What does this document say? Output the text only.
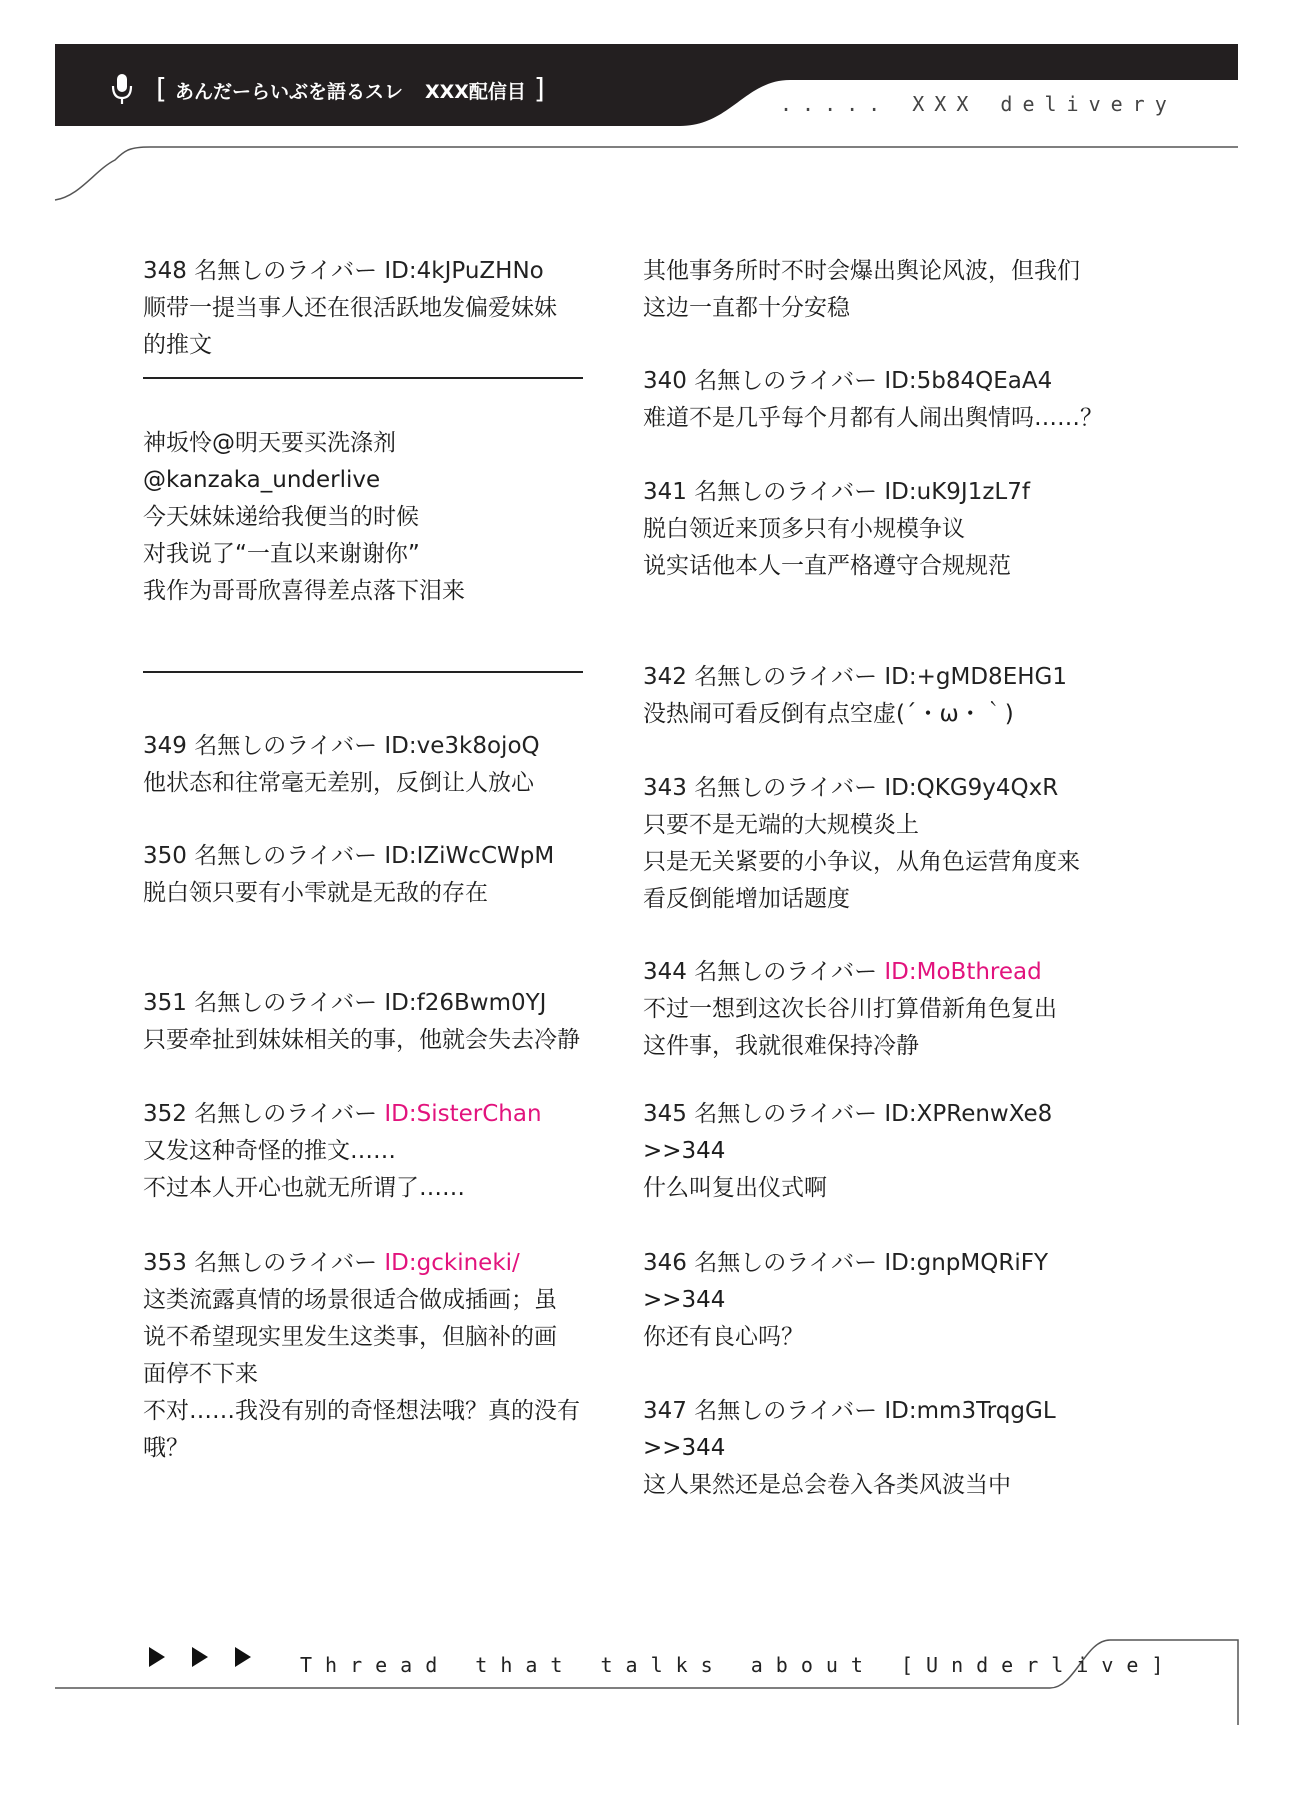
[ あんだーらいぶを語るスレ XXX配信目 ]	..... XXX delivery
348 名無しのライバー ID:4kJPuZHNo
顺带一提当事人还在很活跃地发偏爱妹妹
的推文
神坂怜@明天要买洗涤剂
@kanzaka_underlive
今天妹妹递给我便当的时候
对我说了“一直以来谢谢你”
我作为哥哥欣喜得差点落下泪来
349 名無しのライバー ID:ve3k8ojoQ
他状态和往常毫无差别，反倒让人放心
350 名無しのライバー ID:IZiWcCWpM
脱白领只要有小雫就是无敌的存在
351 名無しのライバー ID:f26Bwm0YJ
只要牵扯到妹妹相关的事，他就会失去冷静
352 名無しのライバー ID:SisterChan
又发这种奇怪的推文……
不过本人开心也就无所谓了……
353 名無しのライバー ID:gckineki/
这类流露真情的场景很适合做成插画；虽
说不希望现实里发生这类事，但脑补的画
面停不下来
不对……我没有别的奇怪想法哦？真的没有
哦？
其他事务所时不时会爆出舆论风波，但我们
这边一直都十分安稳
340 名無しのライバー ID:5b84QEaA4
难道不是几乎每个月都有人闹出舆情吗……？
341 名無しのライバー ID:uK9J1zL7f
脱白领近来顶多只有小规模争议
说实话他本人一直严格遵守合规规范
342 名無しのライバー ID:+gMD8EHG1
没热闹可看反倒有点空虚(´・ω・｀)
343 名無しのライバー ID:QKG9y4QxR
只要不是无端的大规模炎上
只是无关紧要的小争议，从角色运营角度来
看反倒能增加话题度
344 名無しのライバー ID:MoBthread
不过一想到这次长谷川打算借新角色复出
这件事，我就很难保持冷静
345 名無しのライバー ID:XPRenwXe8
>>344
什么叫复出仪式啊
346 名無しのライバー ID:gnpMQRiFY
>>344
你还有良心吗？
347 名無しのライバー ID:mm3TrqgGL
>>344
这人果然还是总会卷入各类风波当中
Thread that talks about [Underlive]
